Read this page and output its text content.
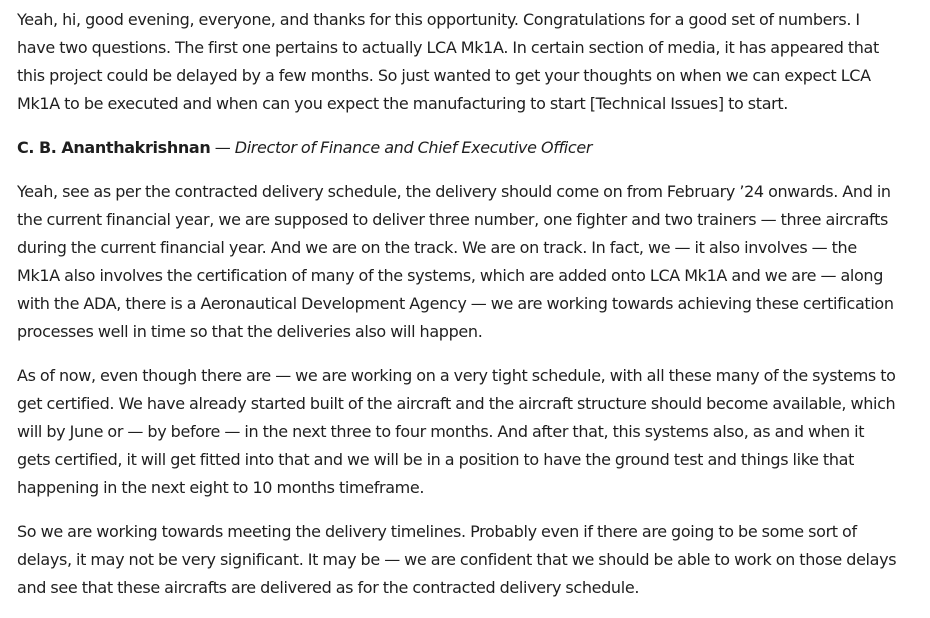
Yeah, hi, good evening, everyone, and thanks for this opportunity. Congratulations for a good set of numbers. I have two questions. The first one pertains to actually LCA Mk1A. In certain section of media, it has appeared that this project could be delayed by a few months. So just wanted to get your thoughts on when we can expect LCA Mk1A to be executed and when can you expect the manufacturing to start [Technical Issues] to start.

C. B. Ananthakrishnan — Director of Finance and Chief Executive Officer

Yeah, see as per the contracted delivery schedule, the delivery should come on from February ’24 onwards. And in the current financial year, we are supposed to deliver three number, one fighter and two trainers — three aircrafts during the current financial year. And we are on the track. We are on track. In fact, we — it also involves — the Mk1A also involves the certification of many of the systems, which are added onto LCA Mk1A and we are — along with the ADA, there is a Aeronautical Development Agency — we are working towards achieving these certification processes well in time so that the deliveries also will happen.

As of now, even though there are — we are working on a very tight schedule, with all these many of the systems to get certified. We have already started built of the aircraft and the aircraft structure should become available, which will by June or — by before — in the next three to four months. And after that, this systems also, as and when it gets certified, it will get fitted into that and we will be in a position to have the ground test and things like that happening in the next eight to 10 months timeframe.

So we are working towards meeting the delivery timelines. Probably even if there are going to be some sort of delays, it may not be very significant. It may be — we are confident that we should be able to work on those delays and see that these aircrafts are delivered as for the contracted delivery schedule.
